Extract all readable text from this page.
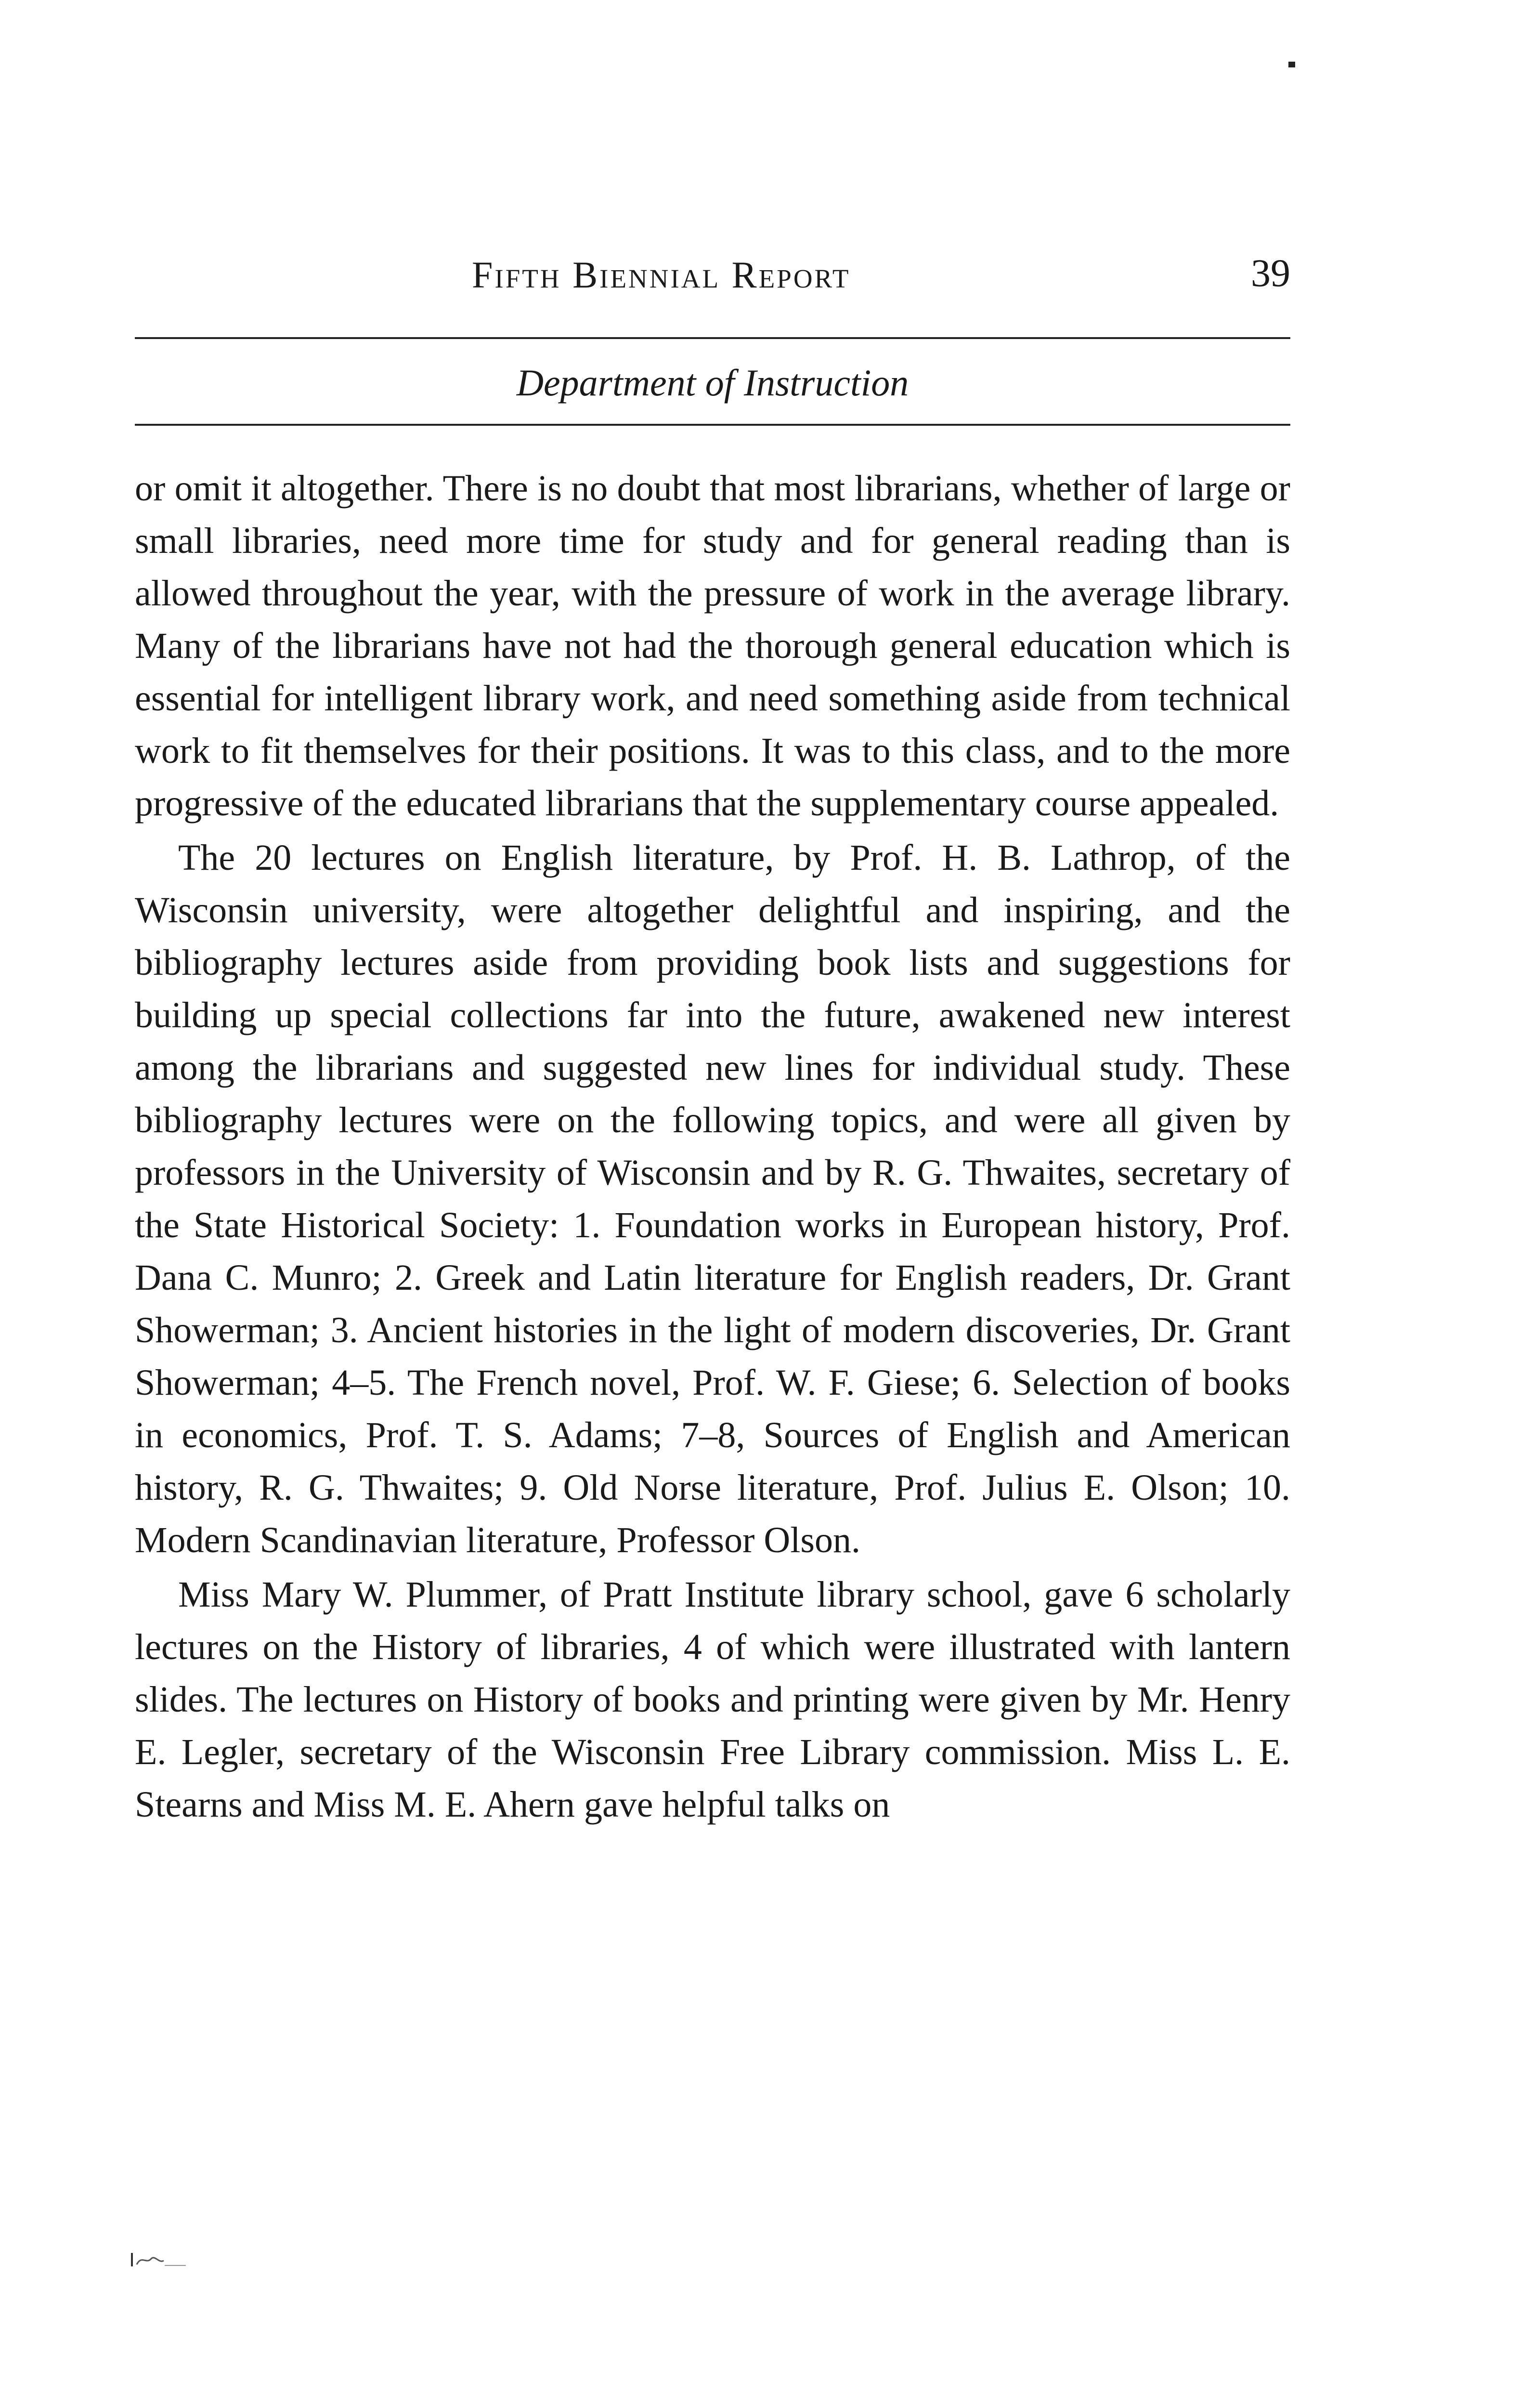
Fifth Biennial Report	39
Department of Instruction

or omit it altogether. There is no doubt that most librarians, whether of large or small libraries, need more time for study and for general reading than is allowed throughout the year, with the pressure of work in the average library. Many of the librarians have not had the thorough general education which is essential for intelligent library work, and need something aside from technical work to fit themselves for their positions. It was to this class, and to the more progressive of the educated librarians that the supplementary course appealed.

The 20 lectures on English literature, by Prof. H. B. Lathrop, of the Wisconsin university, were altogether delightful and inspiring, and the bibliography lectures aside from providing book lists and suggestions for building up special collections far into the future, awakened new interest among the librarians and suggested new lines for individual study. These bibliography lectures were on the following topics, and were all given by professors in the University of Wisconsin and by R. G. Thwaites, secretary of the State Historical Society: 1. Foundation works in European history, Prof. Dana C. Munro; 2. Greek and Latin literature for English readers, Dr. Grant Showerman; 3. Ancient histories in the light of modern discoveries, Dr. Grant Showerman; 4–5. The French novel, Prof. W. F. Giese; 6. Selection of books in economics, Prof. T. S. Adams; 7–8, Sources of English and American history, R. G. Thwaites; 9. Old Norse literature, Prof. Julius E. Olson; 10. Modern Scandinavian literature, Professor Olson.

Miss Mary W. Plummer, of Pratt Institute library school, gave 6 scholarly lectures on the History of libraries, 4 of which were illustrated with lantern slides. The lectures on History of books and printing were given by Mr. Henry E. Legler, secretary of the Wisconsin Free Library commission. Miss L. E. Stearns and Miss M. E. Ahern gave helpful talks on
